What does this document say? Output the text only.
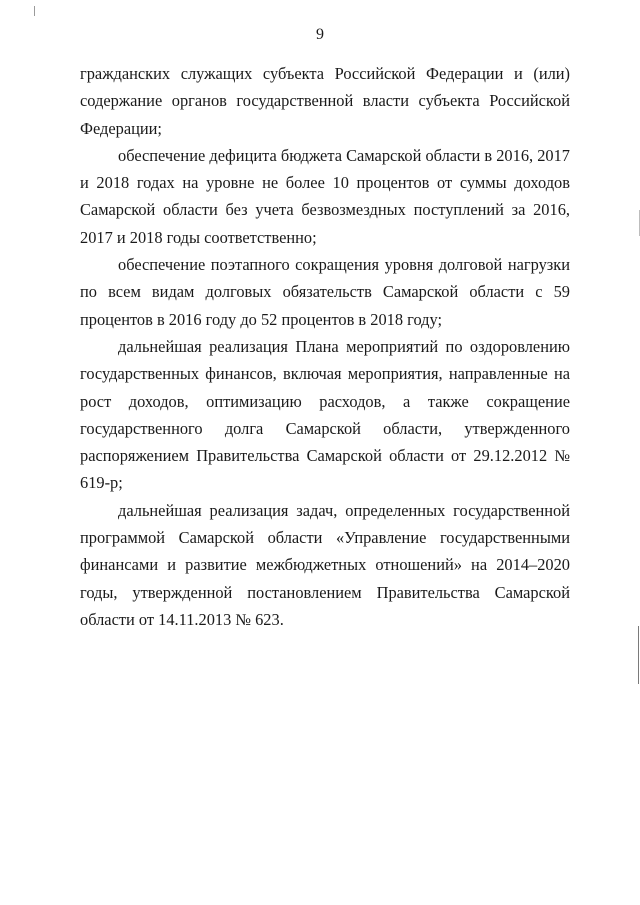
9

гражданских служащих субъекта Российской Федерации и (или) содержание органов государственной власти субъекта Российской Федерации;

обеспечение дефицита бюджета Самарской области в 2016, 2017 и 2018 годах на уровне не более 10 процентов от суммы доходов Самарской области без учета безвозмездных поступлений за 2016, 2017 и 2018 годы соответственно;

обеспечение поэтапного сокращения уровня долговой нагрузки по всем видам долговых обязательств Самарской области с 59 процентов в 2016 году до 52 процентов в 2018 году;

дальнейшая реализация Плана мероприятий по оздоровлению государственных финансов, включая мероприятия, направленные на рост доходов, оптимизацию расходов, а также сокращение государственного долга Самарской области, утвержденного распоряжением Правительства Самарской области от 29.12.2012 № 619-р;

дальнейшая реализация задач, определенных государственной программой Самарской области «Управление государственными финансами и развитие межбюджетных отношений» на 2014–2020 годы, утвержденной постановлением Правительства Самарской области от 14.11.2013 № 623.
